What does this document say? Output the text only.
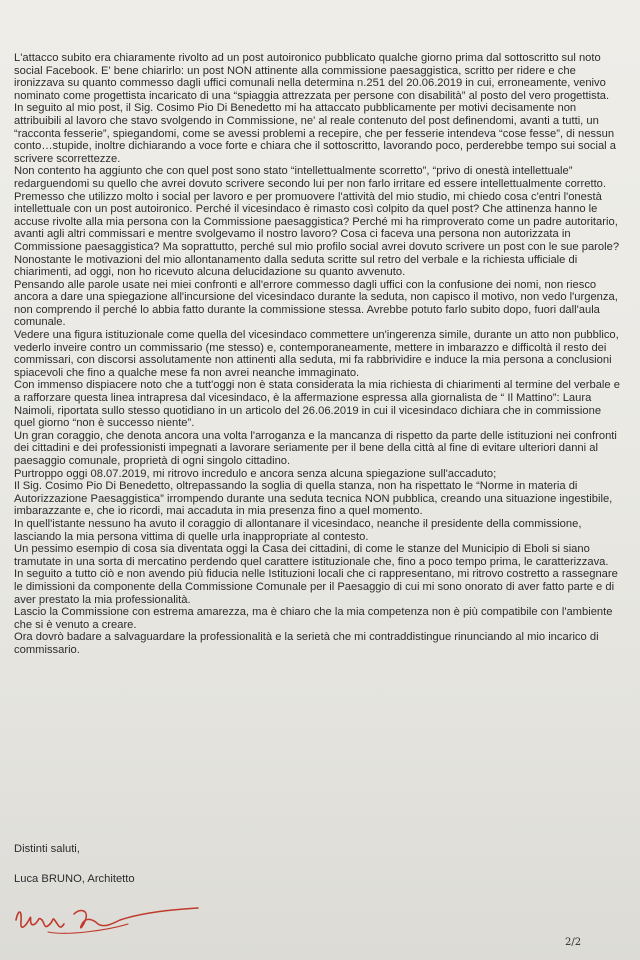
L'attacco subito era chiaramente rivolto ad un post autoironico pubblicato qualche giorno prima dal sottoscritto sul noto social Facebook. E' bene chiarirlo: un post NON attinente alla commissione paesaggistica, scritto per ridere e che ironizzava su quanto commesso dagli uffici comunali nella determina n.251 del 20.06.2019 in cui, erroneamente, venivo nominato come progettista incaricato di una “spiaggia attrezzata per persone con disabilità” al posto del vero progettista.

In seguito al mio post, il Sig. Cosimo Pio Di Benedetto mi ha attaccato pubblicamente per motivi decisamente non attribuibili al lavoro che stavo svolgendo in Commissione, ne' al reale contenuto del post definendomi, avanti a tutti, un “racconta fesserie”, spiegandomi, come se avessi problemi a recepire, che per fesserie intendeva “cose fesse”, di nessun conto…stupide, inoltre dichiarando a voce forte e chiara che il sottoscritto, lavorando poco, perderebbe tempo sui social a scrivere scorrettezze.

Non contento ha aggiunto che con quel post sono stato “intellettualmente scorretto”, “privo di onestà intellettuale” redarguendomi su quello che avrei dovuto scrivere secondo lui per non farlo irritare ed essere intellettualmente corretto.

Premesso che utilizzo molto i social per lavoro e per promuovere l'attività del mio studio, mi chiedo cosa c'entri l'onestà intellettuale con un post autoironico. Perché il vicesindaco è rimasto così colpito da quel post? Che attinenza hanno le accuse rivolte alla mia persona con la Commissione paesaggistica? Perché mi ha rimproverato come un padre autoritario, avanti agli altri commissari e mentre svolgevamo il nostro lavoro? Cosa ci faceva una persona non autorizzata in Commissione paesaggistica? Ma soprattutto, perché sul mio profilo social avrei dovuto scrivere un post con le sue parole?

Nonostante le motivazioni del mio allontanamento dalla seduta scritte sul retro del verbale e la richiesta ufficiale di chiarimenti, ad oggi, non ho ricevuto alcuna delucidazione su quanto avvenuto.

Pensando alle parole usate nei miei confronti e all'errore commesso dagli uffici con la confusione dei nomi, non riesco ancora a dare una spiegazione all'incursione del vicesindaco durante la seduta, non capisco il motivo, non vedo l'urgenza, non comprendo il perché lo abbia fatto durante la commissione stessa. Avrebbe potuto farlo subito dopo, fuori dall'aula comunale.

Vedere una figura istituzionale come quella del vicesindaco commettere un'ingerenza simile, durante un atto non pubblico, vederlo inveire contro un commissario (me stesso) e, contemporaneamente, mettere in imbarazzo e difficoltà il resto dei commissari, con discorsi assolutamente non attinenti alla seduta, mi fa rabbrividire e induce la mia persona a conclusioni spiacevoli che fino a qualche mese fa non avrei neanche immaginato.

Con immenso dispiacere noto che a tutt'oggi non è stata considerata la mia richiesta di chiarimenti al termine del verbale e a rafforzare questa linea intrapresa dal vicesindaco, è la affermazione espressa alla giornalista de “ Il Mattino”: Laura Naimoli, riportata sullo stesso quotidiano in un articolo del 26.06.2019 in cui il vicesindaco dichiara che in commissione quel giorno “non è successo niente”.

Un gran coraggio, che denota ancora una volta l'arroganza e la mancanza di rispetto da parte delle istituzioni nei confronti dei cittadini e dei professionisti impegnati a lavorare seriamente per il bene della città al fine di evitare ulteriori danni al paesaggio comunale, proprietà di ogni singolo cittadino.

Purtroppo oggi 08.07.2019, mi ritrovo incredulo e ancora senza alcuna spiegazione sull'accaduto;

Il Sig. Cosimo Pio Di Benedetto, oltrepassando la soglia di quella stanza, non ha rispettato le “Norme in materia di Autorizzazione Paesaggistica” irrompendo durante una seduta tecnica NON pubblica, creando una situazione ingestibile, imbarazzante e, che io ricordi, mai accaduta in mia presenza fino a quel momento.

In quell'istante nessuno ha avuto il coraggio di allontanare il vicesindaco, neanche il presidente della commissione, lasciando la mia persona vittima di quelle urla inappropriate al contesto.

Un pessimo esempio di cosa sia diventata oggi la Casa dei cittadini, di come le stanze del Municipio di Eboli si siano tramutate in una sorta di mercatino perdendo quel carattere istituzionale che, fino a poco tempo prima, le caratterizzava.

In seguito a tutto ciò e non avendo più fiducia nelle Istituzioni locali che ci rappresentano, mi ritrovo costretto a rassegnare le dimissioni da componente della Commissione Comunale per il Paesaggio di cui mi sono onorato di aver fatto parte e di aver prestato la mia professionalità.

Lascio la Commissione con estrema amarezza, ma è chiaro che la mia competenza non è più compatibile con l'ambiente che si è venuto a creare.

Ora dovrò badare a salvaguardare la professionalità e la serietà che mi contraddistingue rinunciando al mio incarico di commissario.

Distinti saluti,
Luca BRUNO, Architetto
2/2
